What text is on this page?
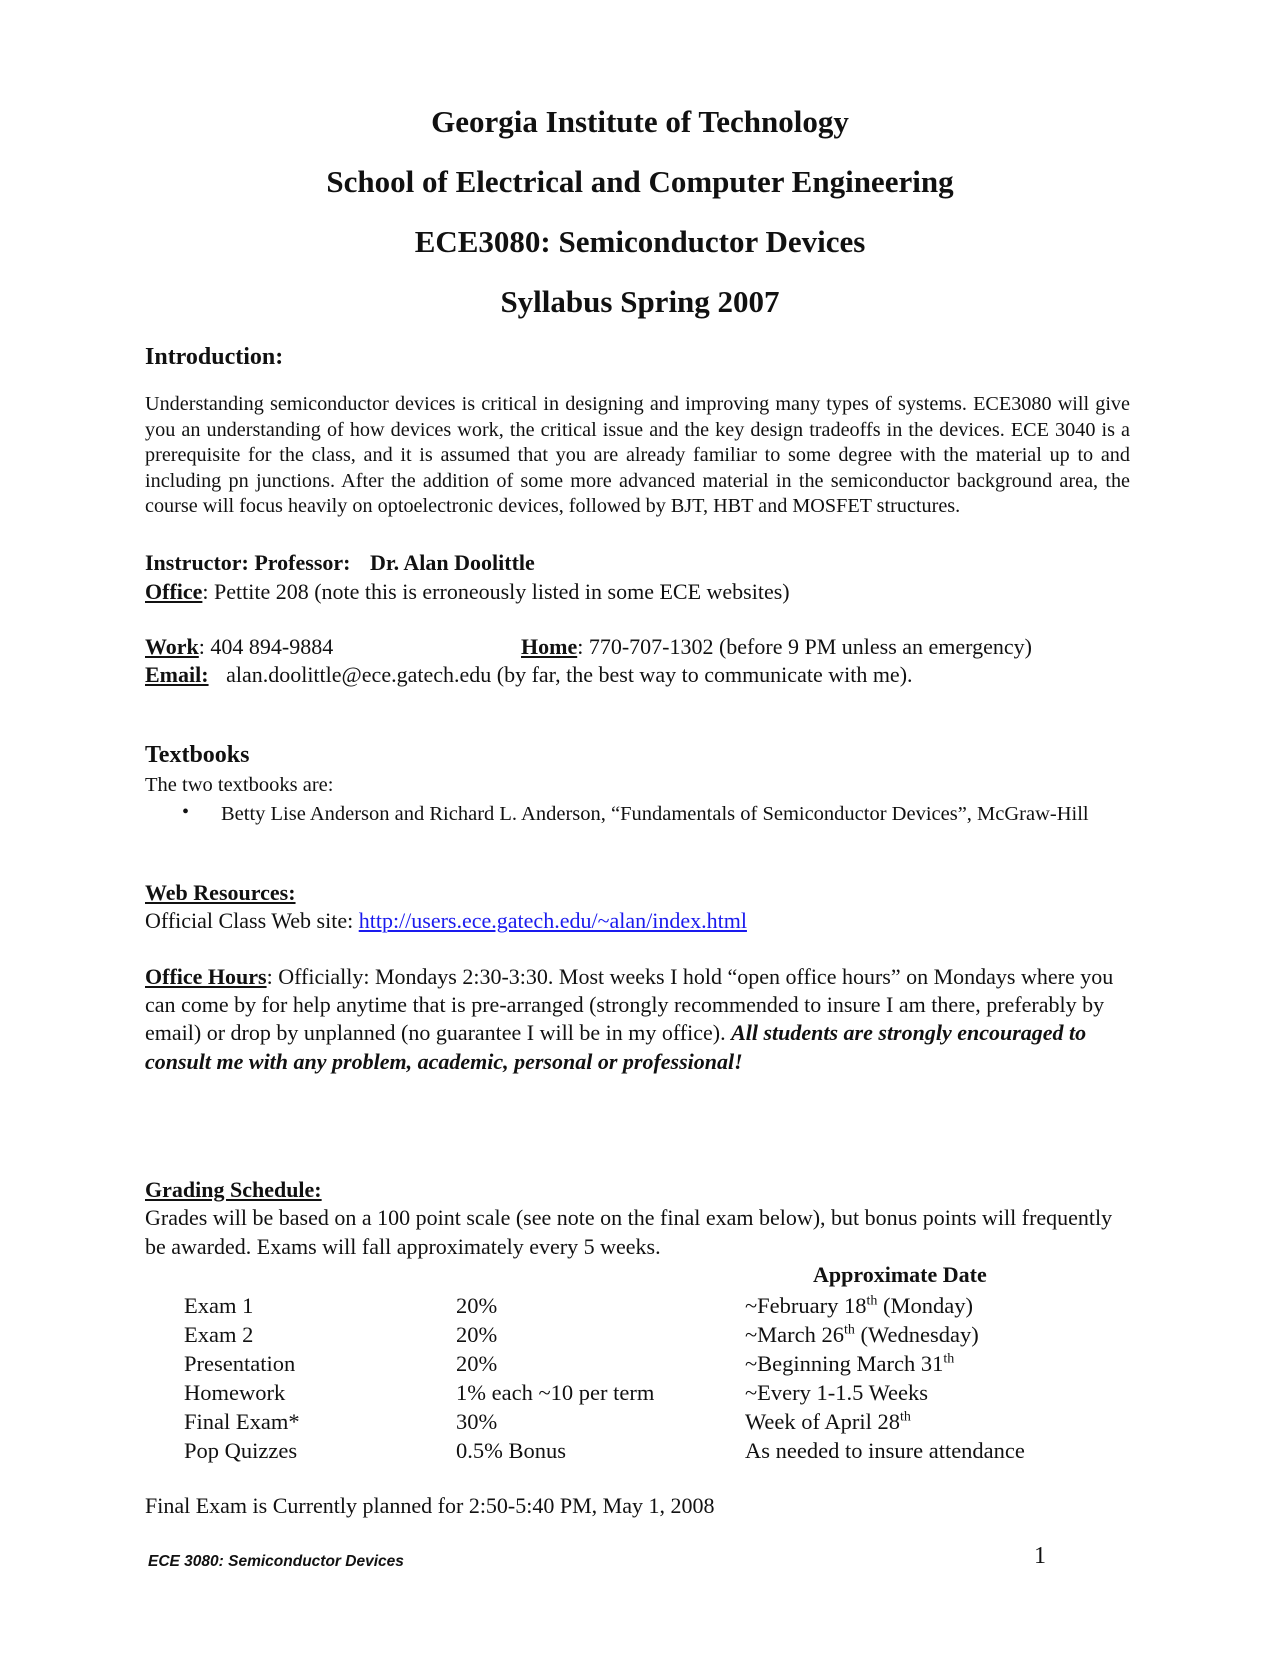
Georgia Institute of Technology
School of Electrical and Computer Engineering
ECE3080: Semiconductor Devices
Syllabus Spring 2007
Introduction:
Understanding semiconductor devices is critical in designing and improving many types of systems. ECE3080 will give you an understanding of how devices work, the critical issue and the key design tradeoffs in the devices. ECE 3040 is a prerequisite for the class, and it is assumed that you are already familiar to some degree with the material up to and including pn junctions. After the addition of some more advanced material in the semiconductor background area, the course will focus heavily on optoelectronic devices, followed by BJT, HBT and MOSFET structures.
Instructor: Professor: Dr. Alan Doolittle
Office: Pettite 208 (note this is erroneously listed in some ECE websites)
Work: 404 894-9884	Home: 770-707-1302 (before 9 PM unless an emergency)
Email: alan.doolittle@ece.gatech.edu (by far, the best way to communicate with me).
Textbooks
The two textbooks are:
• Betty Lise Anderson and Richard L. Anderson, “Fundamentals of Semiconductor Devices”, McGraw-Hill
Web Resources:
Official Class Web site: http://users.ece.gatech.edu/~alan/index.html
Office Hours: Officially: Mondays 2:30-3:30. Most weeks I hold “open office hours” on Mondays where you can come by for help anytime that is pre-arranged (strongly recommended to insure I am there, preferably by email) or drop by unplanned (no guarantee I will be in my office). All students are strongly encouraged to consult me with any problem, academic, personal or professional!
Grading Schedule:
Grades will be based on a 100 point scale (see note on the final exam below), but bonus points will frequently be awarded. Exams will fall approximately every 5 weeks.
Approximate Date
Exam 1	20%	~February 18th (Monday)
Exam 2	20%	~March 26th (Wednesday)
Presentation	20%	~Beginning March 31th
Homework	1% each ~10 per term	~Every 1-1.5 Weeks
Final Exam*	30%	Week of April 28th
Pop Quizzes	0.5% Bonus	As needed to insure attendance
Final Exam is Currently planned for 2:50-5:40 PM, May 1, 2008
ECE 3080: Semiconductor Devices	1
